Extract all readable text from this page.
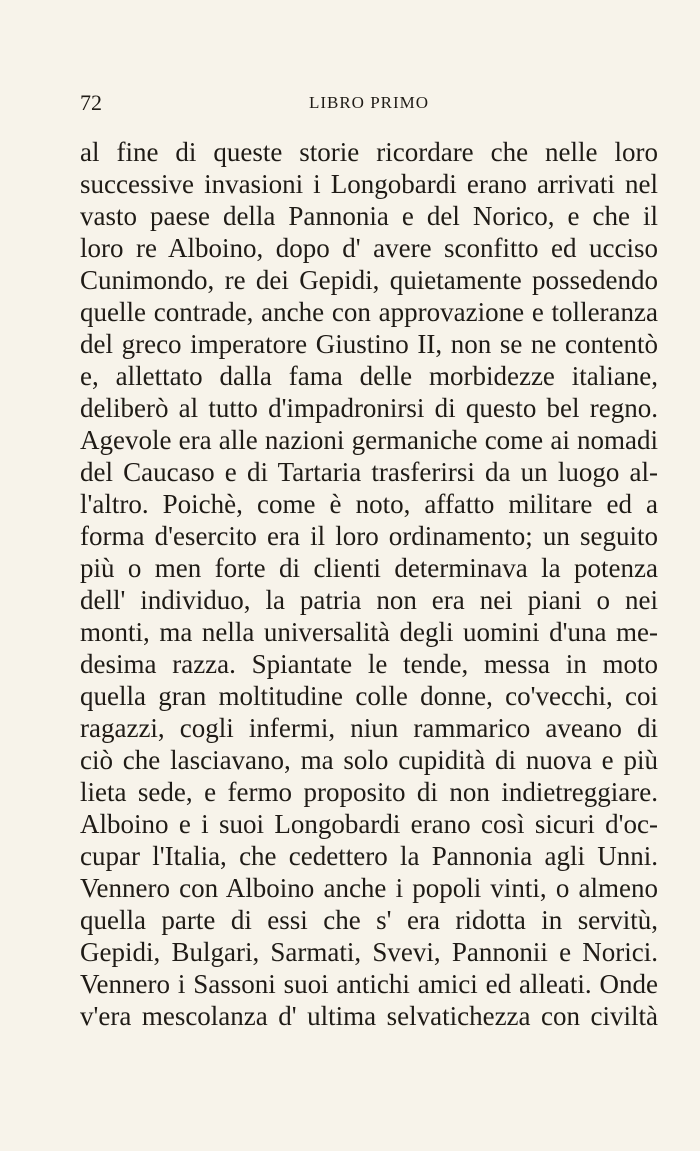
72	LIBRO PRIMO
al fine di queste storie ricordare che nelle loro
successive invasioni i Longobardi erano arrivati nel
vasto paese della Pannonia e del Norico, e che il
loro re Alboino, dopo d' avere sconfitto ed ucciso
Cunimondo, re dei Gepidi, quietamente possedendo
quelle contrade, anche con approvazione e tolleranza
del greco imperatore Giustino II, non se ne contentò
e, allettato dalla fama delle morbidezze italiane,
deliberò al tutto d'impadronirsi di questo bel regno.
Agevole era alle nazioni germaniche come ai nomadi
del Caucaso e di Tartaria trasferirsi da un luogo al-
l'altro. Poichè, come è noto, affatto militare ed a
forma d'esercito era il loro ordinamento; un seguito
più o men forte di clienti determinava la potenza
dell' individuo, la patria non era nei piani o nei
monti, ma nella universalità degli uomini d'una me-
desima razza. Spiantate le tende, messa in moto
quella gran moltitudine colle donne, co'vecchi, coi
ragazzi, cogli infermi, niun rammarico aveano di
ciò che lasciavano, ma solo cupidità di nuova e più
lieta sede, e fermo proposito di non indietreggiare.
Alboino e i suoi Longobardi erano così sicuri d'oc-
cupar l'Italia, che cedettero la Pannonia agli Unni.
Vennero con Alboino anche i popoli vinti, o almeno
quella parte di essi che s' era ridotta in servitù,
Gepidi, Bulgari, Sarmati, Svevi, Pannonii e Norici.
Vennero i Sassoni suoi antichi amici ed alleati. Onde
v'era mescolanza d' ultima selvatichezza con civiltà
